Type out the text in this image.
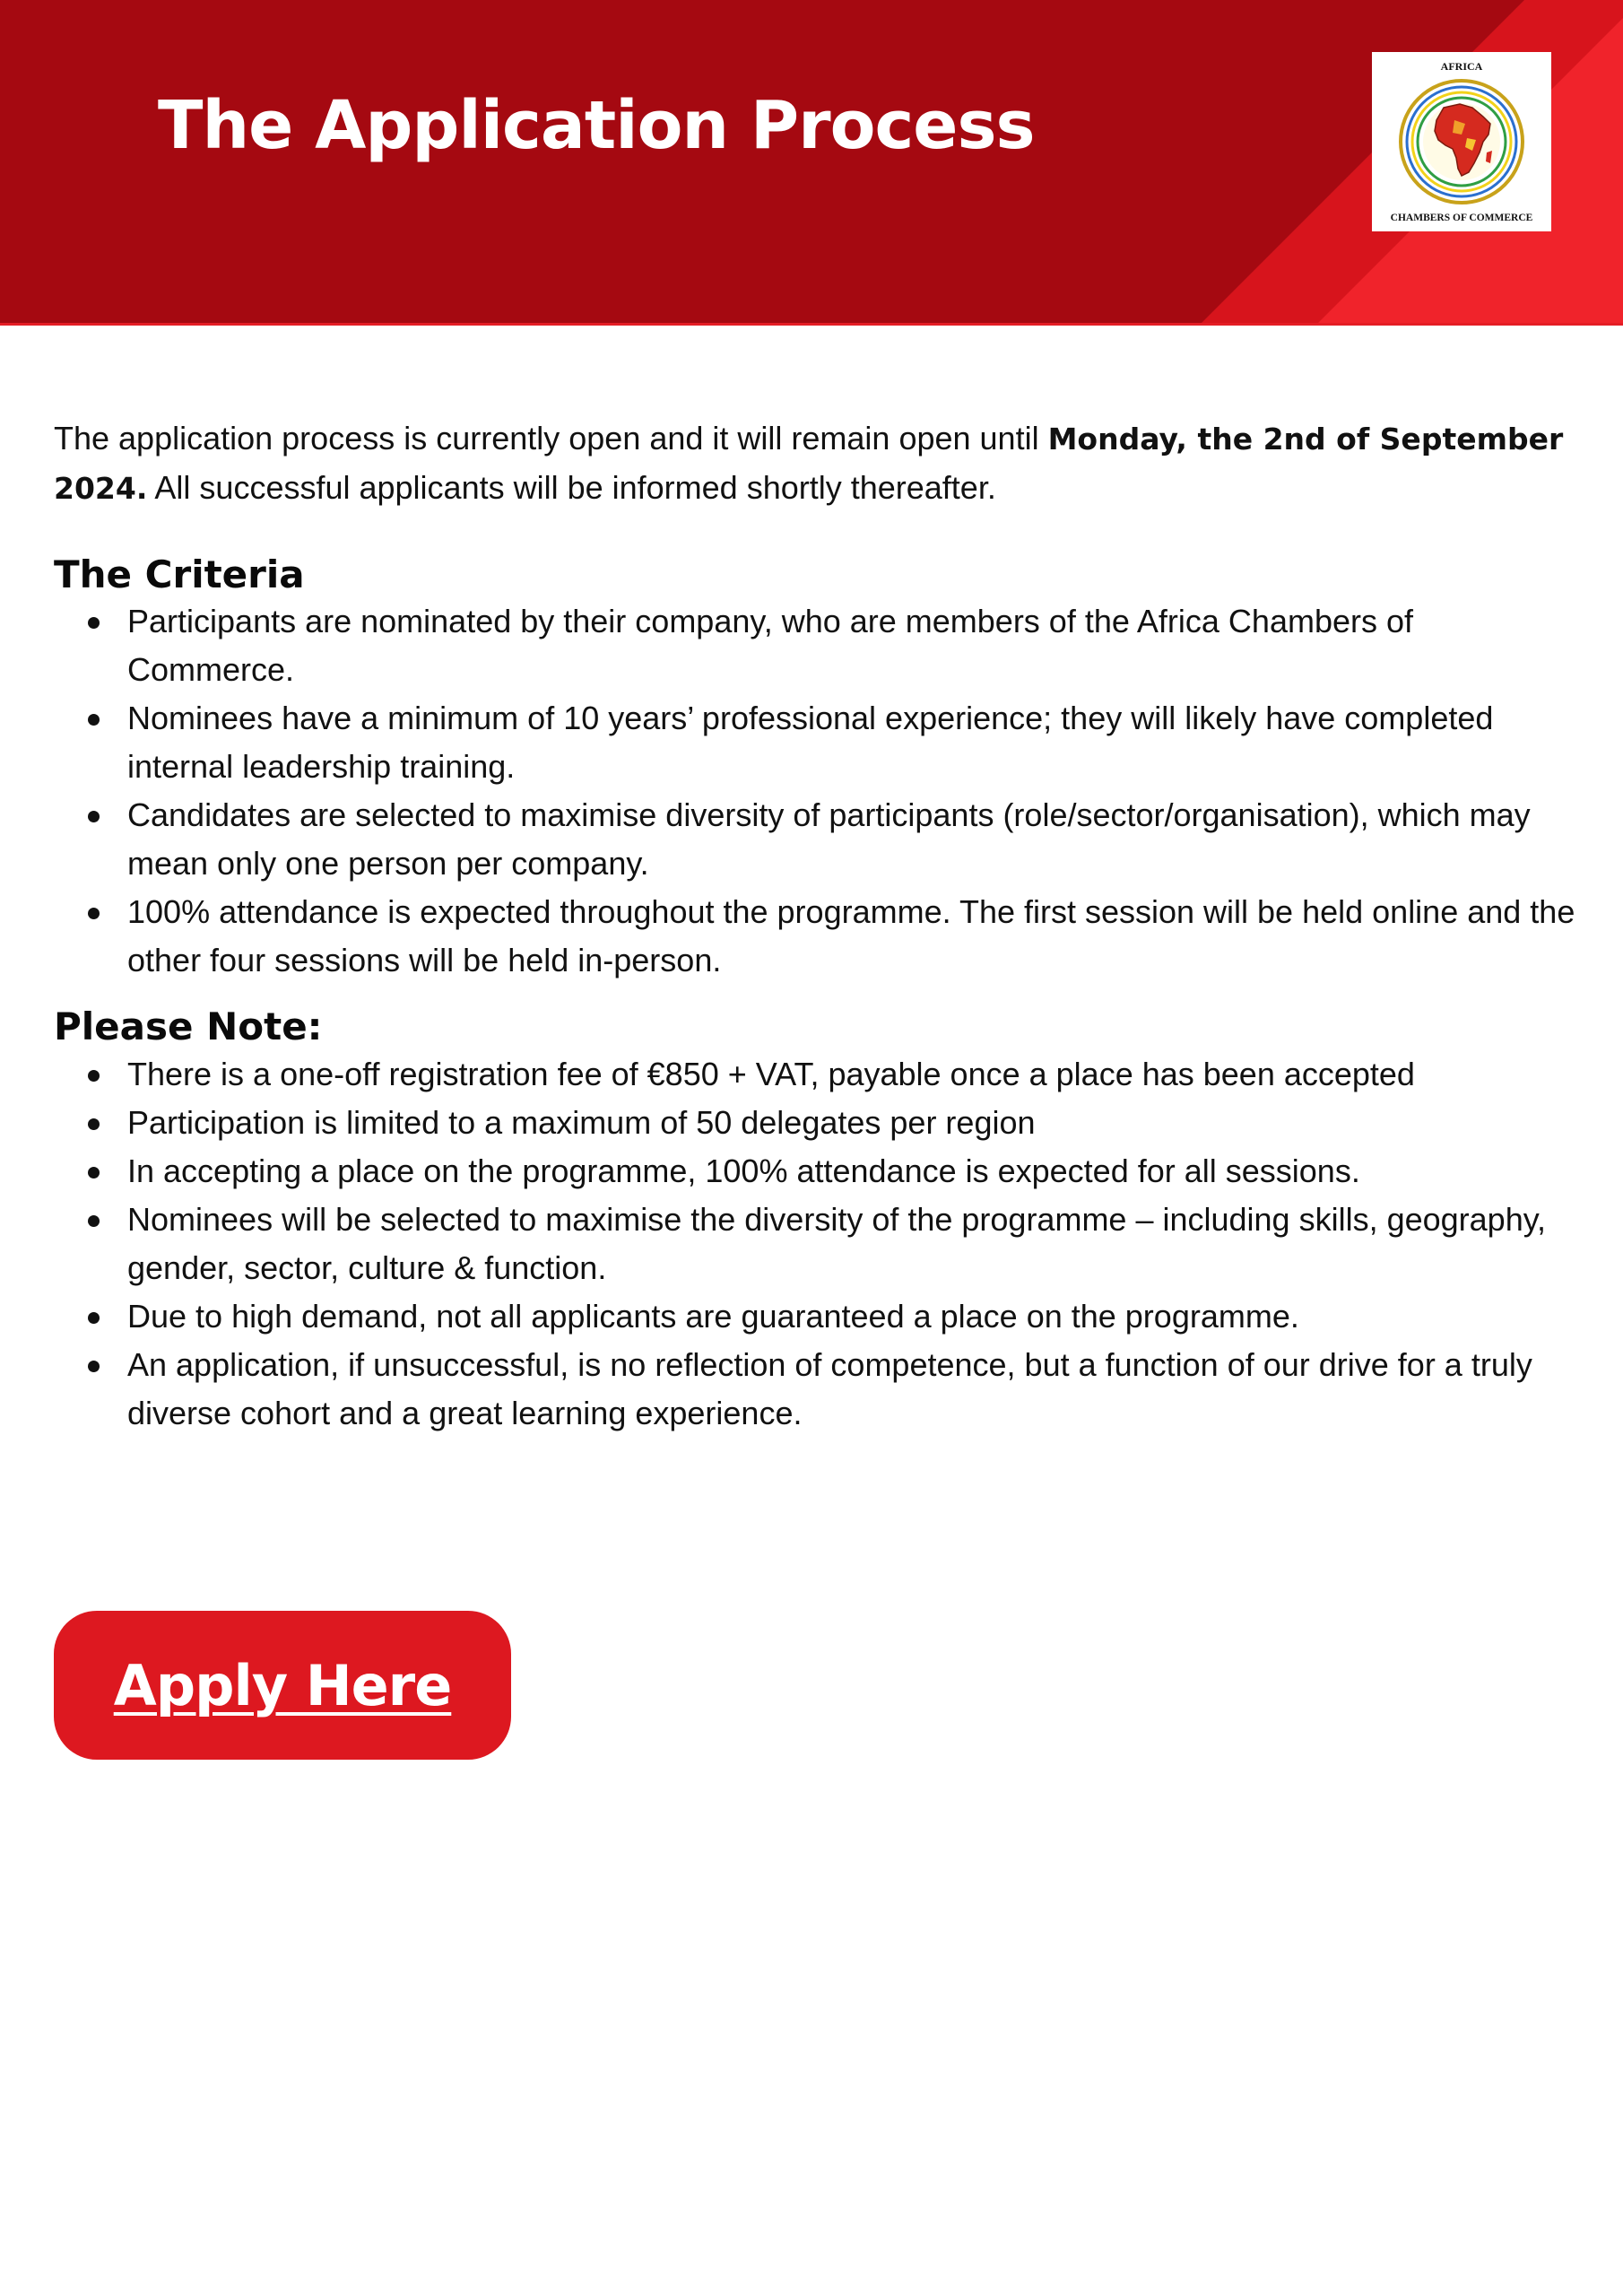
The Application Process
AFRICA
CHAMBERS OF COMMERCE

The application process is currently open and it will remain open until Monday, the 2nd of September 2024. All successful applicants will be informed shortly thereafter.

The Criteria
Participants are nominated by their company, who are members of the Africa Chambers of Commerce.
Nominees have a minimum of 10 years’ professional experience; they will likely have completed internal leadership training.
Candidates are selected to maximise diversity of participants (role/sector/organisation), which may mean only one person per company.
100% attendance is expected throughout the programme. The first session will be held online and the other four sessions will be held in-person.
Please Note:
There is a one-off registration fee of €850 + VAT, payable once a place has been accepted
Participation is limited to a maximum of 50 delegates per region
In accepting a place on the programme, 100% attendance is expected for all sessions.
Nominees will be selected to maximise the diversity of the programme – including skills, geography, gender, sector, culture & function.
Due to high demand, not all applicants are guaranteed a place on the programme.
An application, if unsuccessful, is no reflection of competence, but a function of our drive for a truly diverse cohort and a great learning experience.
Apply Here
